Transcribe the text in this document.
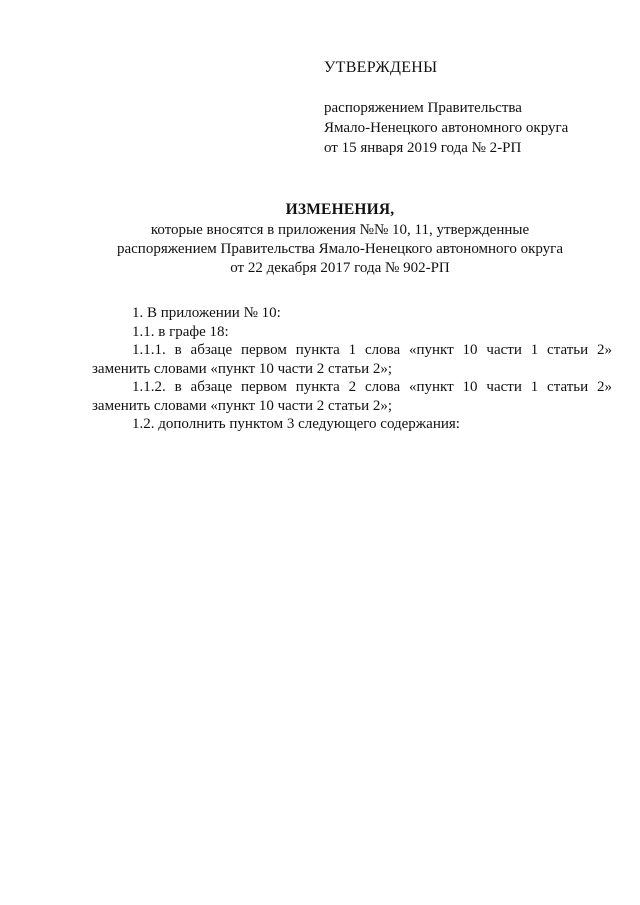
УТВЕРЖДЕНЫ
распоряжением Правительства
Ямало-Ненецкого автономного округа
от 15 января 2019 года № 2-РП
ИЗМЕНЕНИЯ,
которые вносятся в приложения №№ 10, 11, утвержденные
распоряжением Правительства Ямало-Ненецкого автономного округа
от 22 декабря 2017 года № 902-РП

1. В приложении № 10:

1.1. в графе 18:

1.1.1. в абзаце первом пункта 1 слова «пункт 10 части 1 статьи 2»
заменить словами «пункт 10 части 2 статьи 2»;
1.1.2. в абзаце первом пункта 2 слова «пункт 10 части 1 статьи 2»
заменить словами «пункт 10 части 2 статьи 2»;

1.2. дополнить пунктом 3 следующего содержания:
